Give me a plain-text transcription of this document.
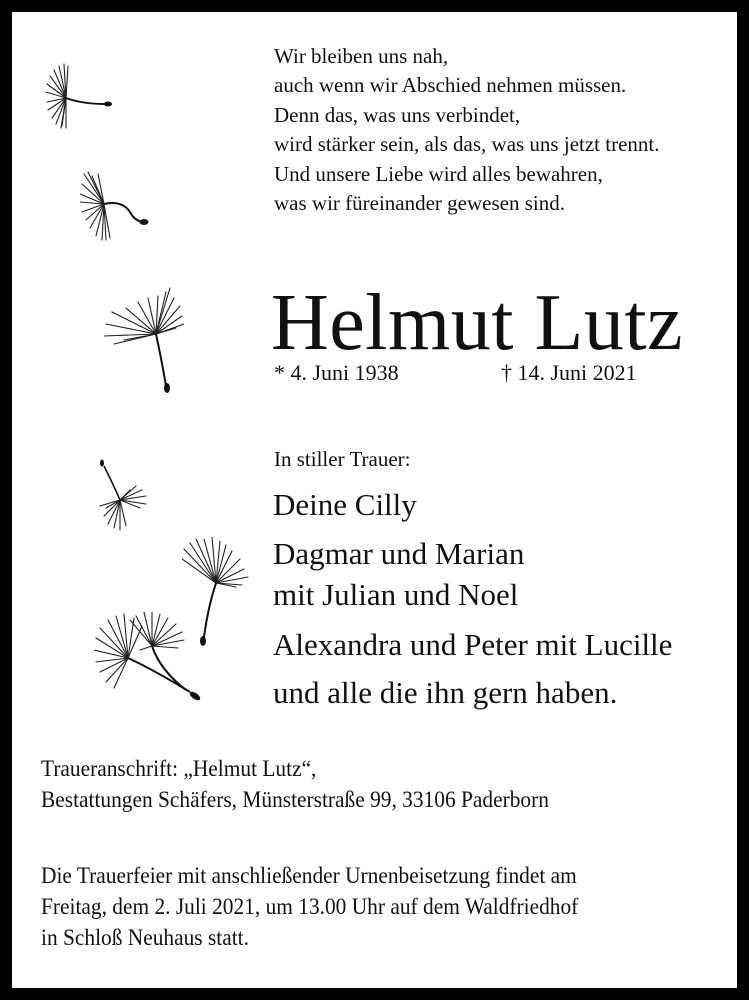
Wir bleiben uns nah,
auch wenn wir Abschied nehmen müssen.
Denn das, was uns verbindet,
wird stärker sein, als das, was uns jetzt trennt.
Und unsere Liebe wird alles bewahren,
was wir füreinander gewesen sind.
Helmut Lutz
* 4. Juni 1938	† 14. Juni 2021
In stiller Trauer:
Deine Cilly
Dagmar und Marian
mit Julian und Noel
Alexandra und Peter mit Lucille
und alle die ihn gern haben.
Traueranschrift: „Helmut Lutz“,
Bestattungen Schäfers, Münsterstraße 99, 33106 Paderborn
Die Trauerfeier mit anschließender Urnenbeisetzung findet am
Freitag, dem 2. Juli 2021, um 13.00 Uhr auf dem Waldfriedhof
in Schloß Neuhaus statt.
